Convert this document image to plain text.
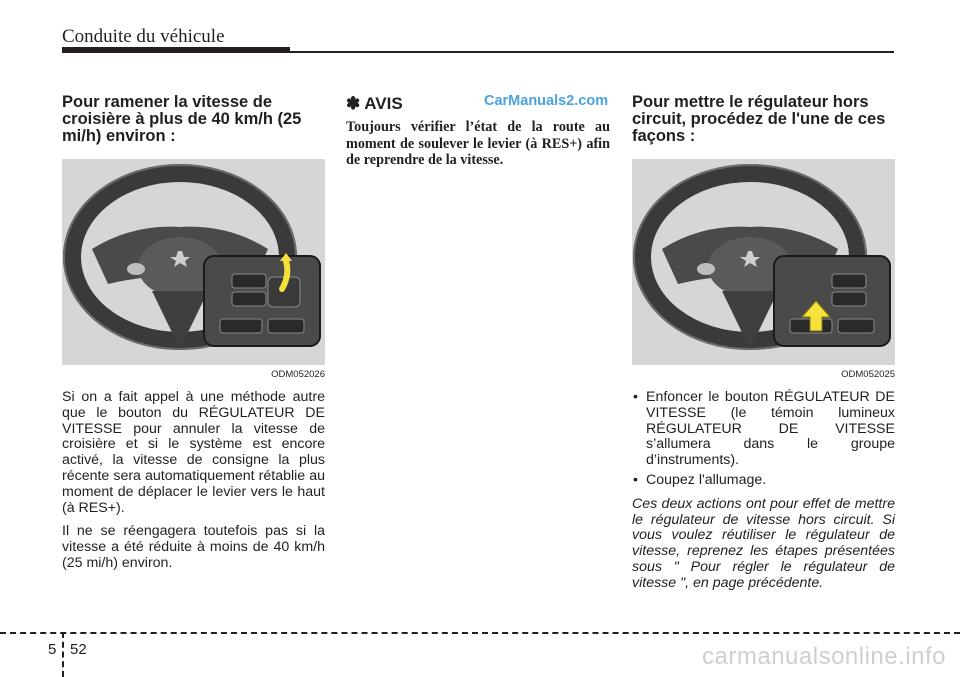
Conduite du véhicule
CarManuals2.com
Pour ramener la vitesse de croisière à plus de 40 km/h (25 mi/h) environ :
ODM052026

Si on a fait appel à une méthode autre que le bouton du RÉGULATEUR DE VITESSE pour annuler la vitesse de croisière et si le système est encore activé, la vitesse de consigne la plus récente sera automatiquement rétablie au moment de déplacer le levier vers le haut (à RES+).

Il ne se réengagera toutefois pas si la vitesse a été réduite à moins de 40 km/h (25 mi/h) environ.

✽ AVIS

Toujours vérifier l’état de la route au moment de soulever le levier (à RES+) afin de reprendre de la vitesse.

Pour mettre le régulateur hors circuit, procédez de l'une de ces façons :
ODM052025
• Enfoncer le bouton RÉGULATEUR DE VITESSE (le témoin lumineux RÉGULATEUR DE VITESSE s’allumera dans le groupe d’instruments).
• Coupez l'allumage.

Ces deux actions ont pour effet de mettre le régulateur de vitesse hors circuit. Si vous voulez réutiliser le régulateur de vitesse, reprenez les étapes présentées sous " Pour régler le régulateur de vitesse ", en page précédente.

5 52	carmanualsonline.info
